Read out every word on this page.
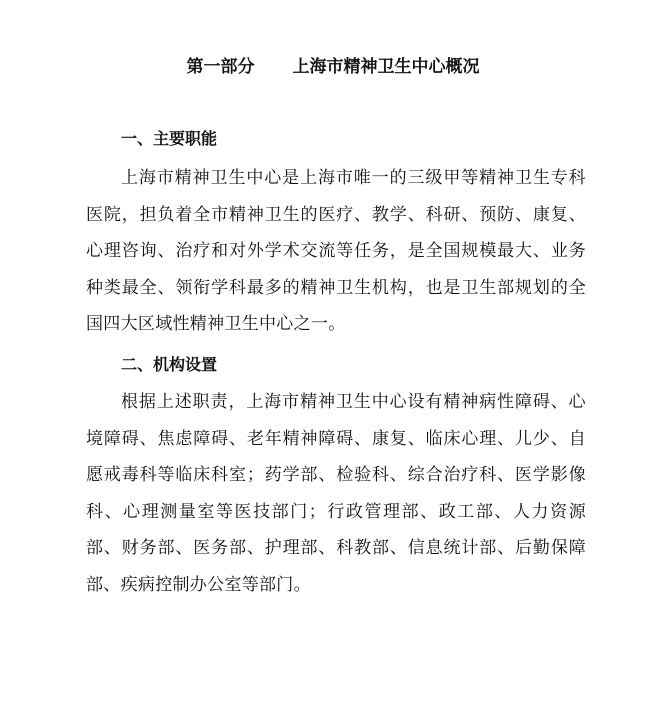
第一部分 上海市精神卫生中心概况
一、主要职能

上海市精神卫生中心是上海市唯一的三级甲等精神卫生专科医院，担负着全市精神卫生的医疗、教学、科研、预防、康复、心理咨询、治疗和对外学术交流等任务，是全国规模最大、业务种类最全、领衔学科最多的精神卫生机构，也是卫生部规划的全国四大区域性精神卫生中心之一。

二、机构设置

根据上述职责，上海市精神卫生中心设有精神病性障碍、心境障碍、焦虑障碍、老年精神障碍、康复、临床心理、儿少、自愿戒毒科等临床科室；药学部、检验科、综合治疗科、医学影像科、心理测量室等医技部门；行政管理部、政工部、人力资源部、财务部、医务部、护理部、科教部、信息统计部、后勤保障部、疾病控制办公室等部门。
